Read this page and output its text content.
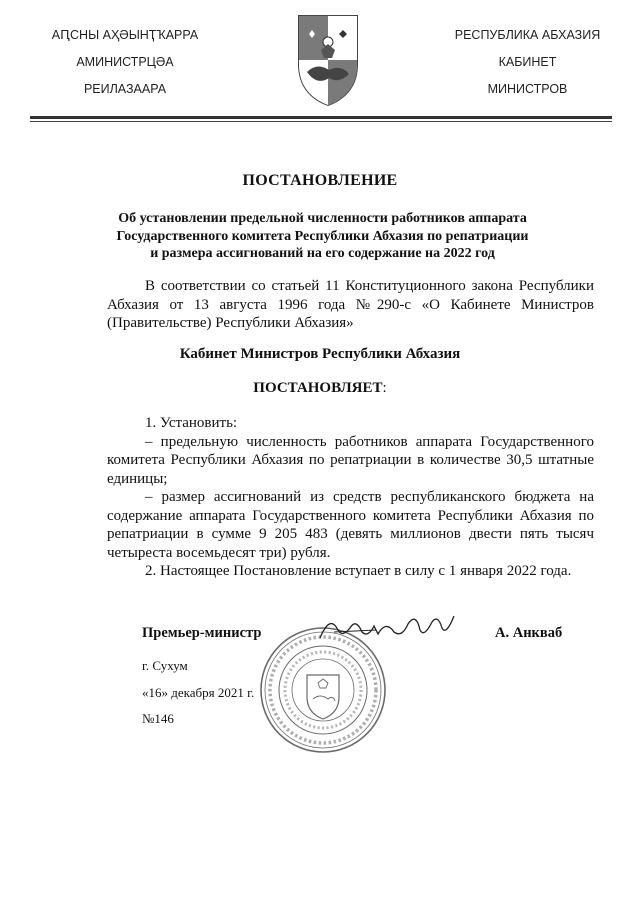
АԤСНЫ АҲӘЫНҬҠАРРА
АМИНИСТРЦӘА
РЕИЛАЗААРА
РЕСПУБЛИКА АБХАЗИЯ
КАБИНЕТ
МИНИСТРОВ
ПОСТАНОВЛЕНИЕ
Об установлении предельной численности работников аппарата
Государственного комитета Республики Абхазия по репатриации
и размера ассигнований на его содержание на 2022 год
В соответствии со статьей 11 Конституционного закона Республики Абхазия от 13 августа 1996 года №290-с «О Кабинете Министров (Правительстве) Республики Абхазия»
Кабинет Министров Республики Абхазия
ПОСТАНОВЛЯЕТ:
1. Установить:
– предельную численность работников аппарата Государственного комитета Республики Абхазия по репатриации в количестве 30,5 штатные единицы;
– размер ассигнований из средств республиканского бюджета на содержание аппарата Государственного комитета Республики Абхазия по репатриации в сумме 9 205 483 (девять миллионов двести пять тысяч четыреста восемьдесят три) рубля.
2. Настоящее Постановление вступает в силу с 1 января 2022 года.
Премьер-министр	А. Анкваб
г. Сухум
«16» декабря 2021 г.
№146
